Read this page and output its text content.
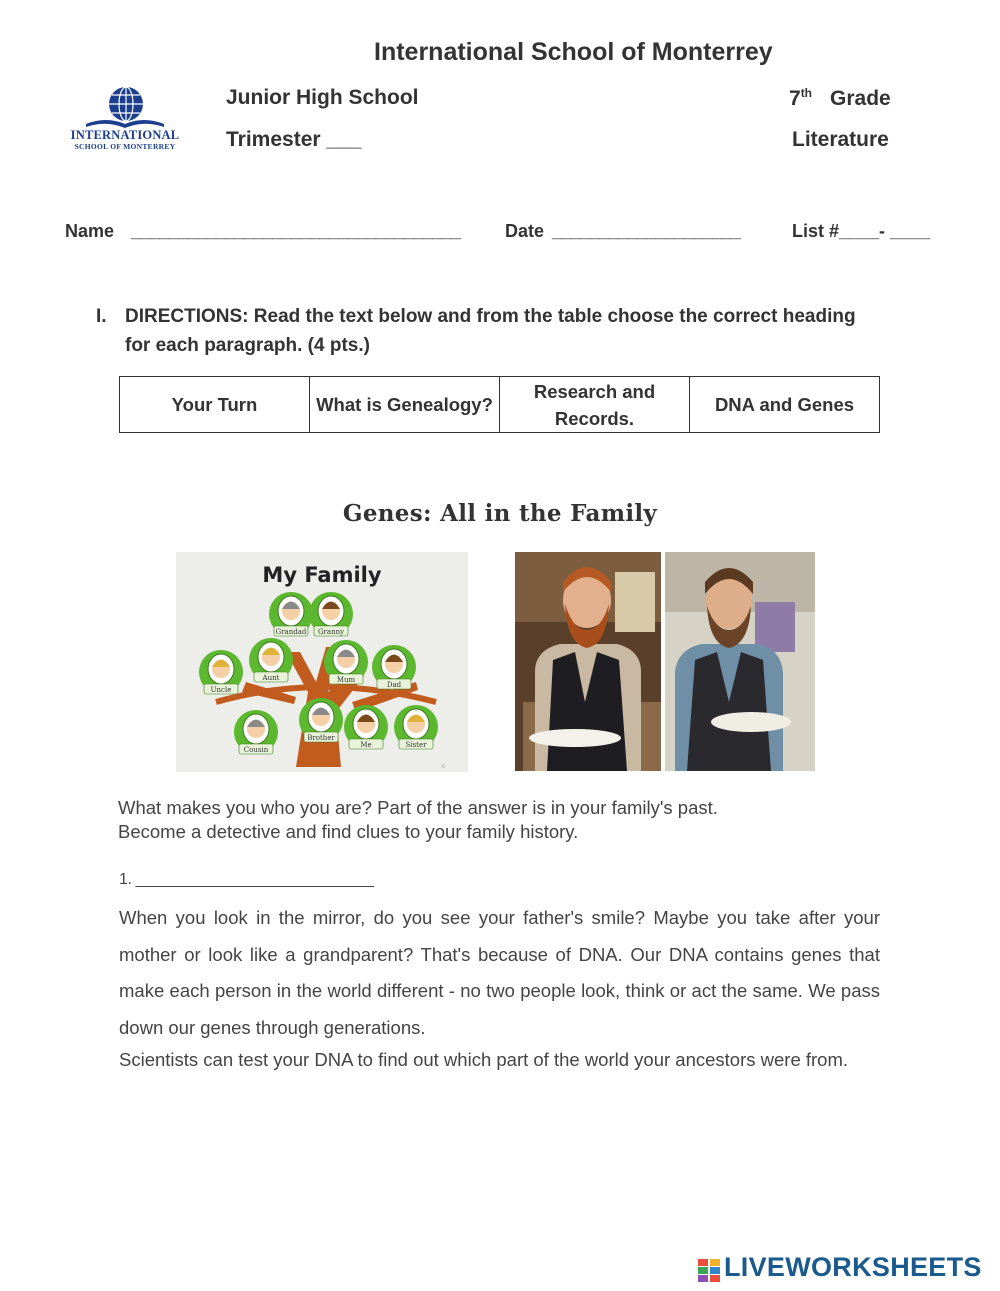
International School of Monterrey
INTERNATIONAL
SCHOOL OF MONTERREY
Junior High School
Trimester ___
7th Grade
Literature
Name ___________________________________ Date ____________________	List #____- ____
I. DIRECTIONS: Read the text below and from the table choose the correct heading for each paragraph. (4 pts.)
Your Turn	What is Genealogy?	Research and Records.	DNA and Genes
Genes: All in the Family
My Family
Grandad Granny
Aunt	Mum
Dad
Uncle
Brother
Me	Sister
Cousin
©
What makes you who you are? Part of the answer is in your family's past.
Become a detective and find clues to your family history.
1. ____________________________
When you look in the mirror, do you see your father's smile? Maybe you take after your mother or look like a grandparent? That's because of DNA. Our DNA contains genes that make each person in the world different - no two people look, think or act the same. We pass down our genes through generations.
Scientists can test your DNA to find out which part of the world your ancestors were from.
LIVEWORKSHEETS
